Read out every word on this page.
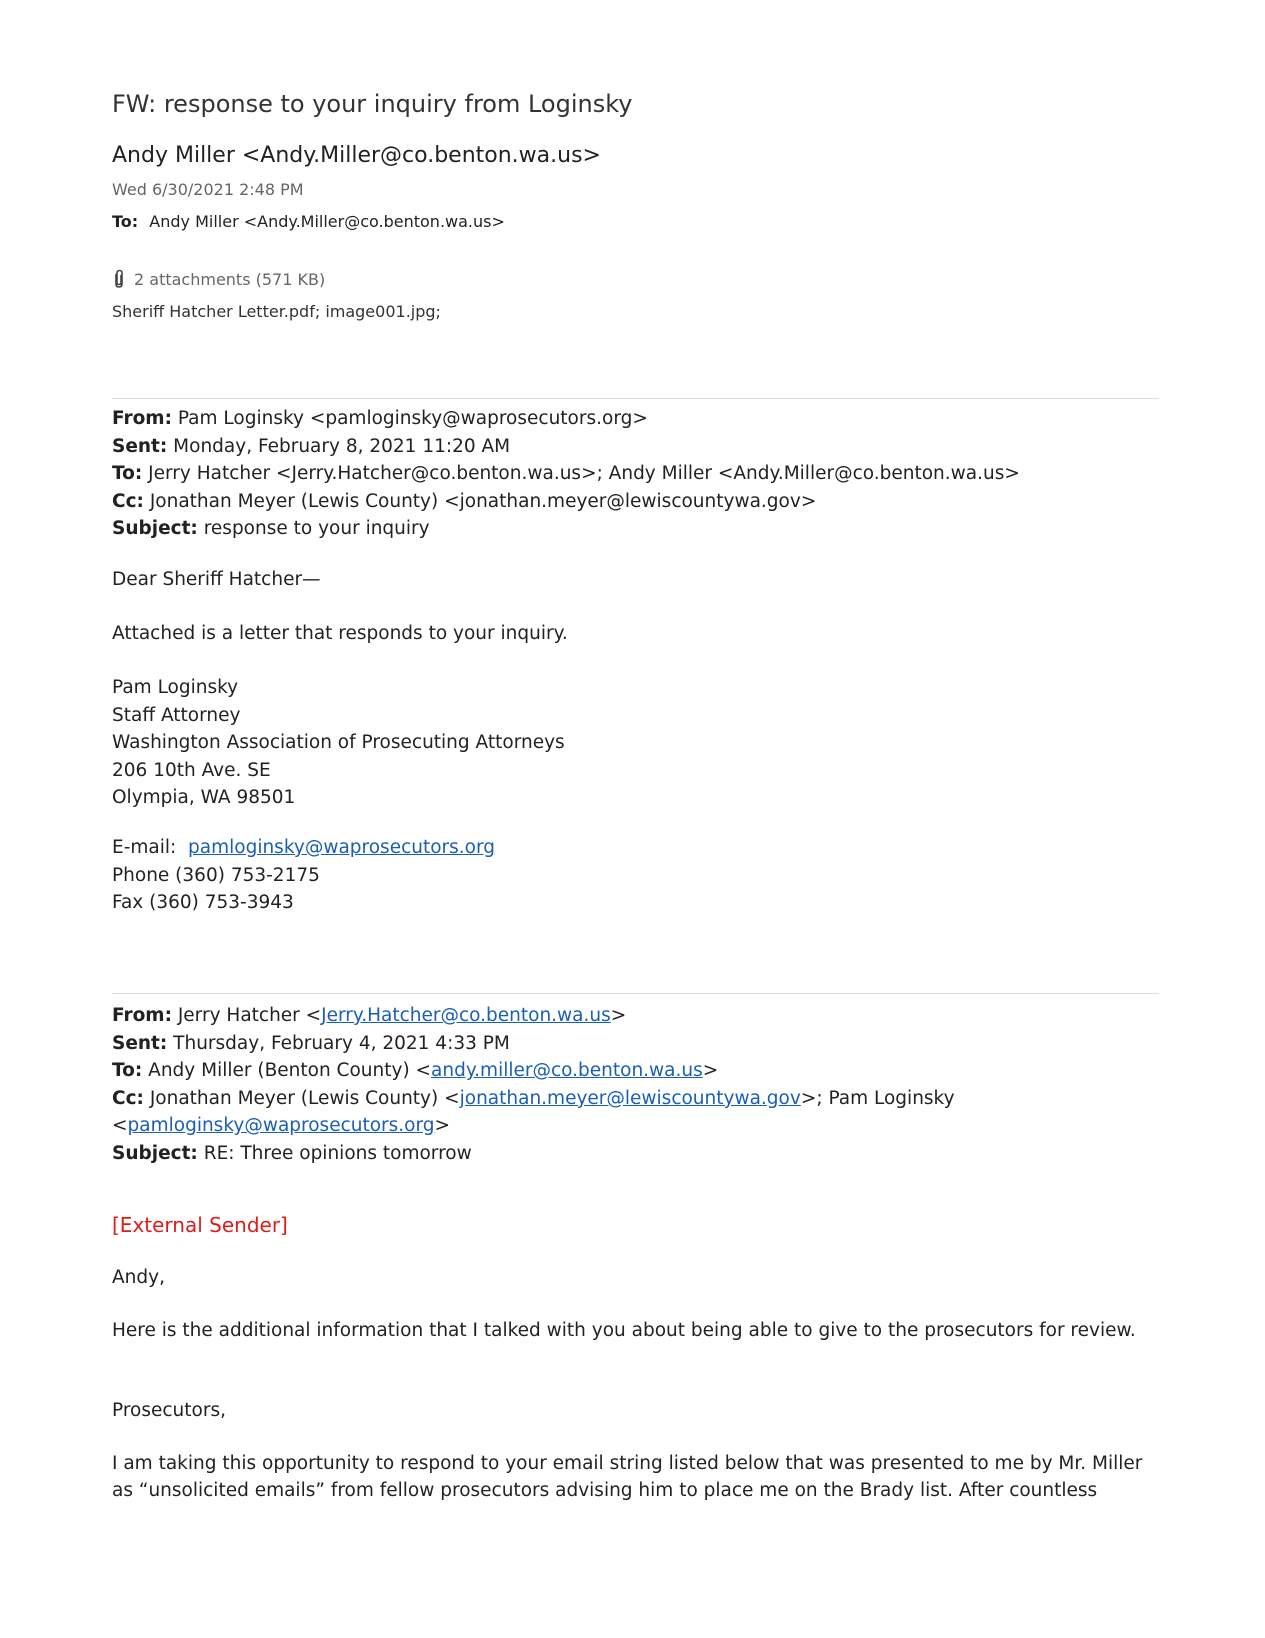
FW: response to your inquiry from Loginsky
Andy Miller <Andy.Miller@co.benton.wa.us>
Wed 6/30/2021 2:48 PM
To: Andy Miller <Andy.Miller@co.benton.wa.us>
2 attachments (571 KB)
Sheriff Hatcher Letter.pdf; image001.jpg;
From: Pam Loginsky <pamloginsky@waprosecutors.org>
Sent: Monday, February 8, 2021 11:20 AM
To: Jerry Hatcher <Jerry.Hatcher@co.benton.wa.us>; Andy Miller <Andy.Miller@co.benton.wa.us>
Cc: Jonathan Meyer (Lewis County) <jonathan.meyer@lewiscountywa.gov>
Subject: response to your inquiry
Dear Sheriff Hatcher—
Attached is a letter that responds to your inquiry.
Pam Loginsky
Staff Attorney
Washington Association of Prosecuting Attorneys
206 10th Ave. SE
Olympia, WA 98501
E-mail: pamloginsky@waprosecutors.org
Phone (360) 753-2175
Fax (360) 753-3943
From: Jerry Hatcher <Jerry.Hatcher@co.benton.wa.us>
Sent: Thursday, February 4, 2021 4:33 PM
To: Andy Miller (Benton County) <andy.miller@co.benton.wa.us>
Cc: Jonathan Meyer (Lewis County) <jonathan.meyer@lewiscountywa.gov>; Pam Loginsky
<pamloginsky@waprosecutors.org>
Subject: RE: Three opinions tomorrow
[External Sender]
Andy,
Here is the additional information that I talked with you about being able to give to the prosecutors for review.
Prosecutors,
I am taking this opportunity to respond to your email string listed below that was presented to me by Mr. Miller
as “unsolicited emails” from fellow prosecutors advising him to place me on the Brady list. After countless
